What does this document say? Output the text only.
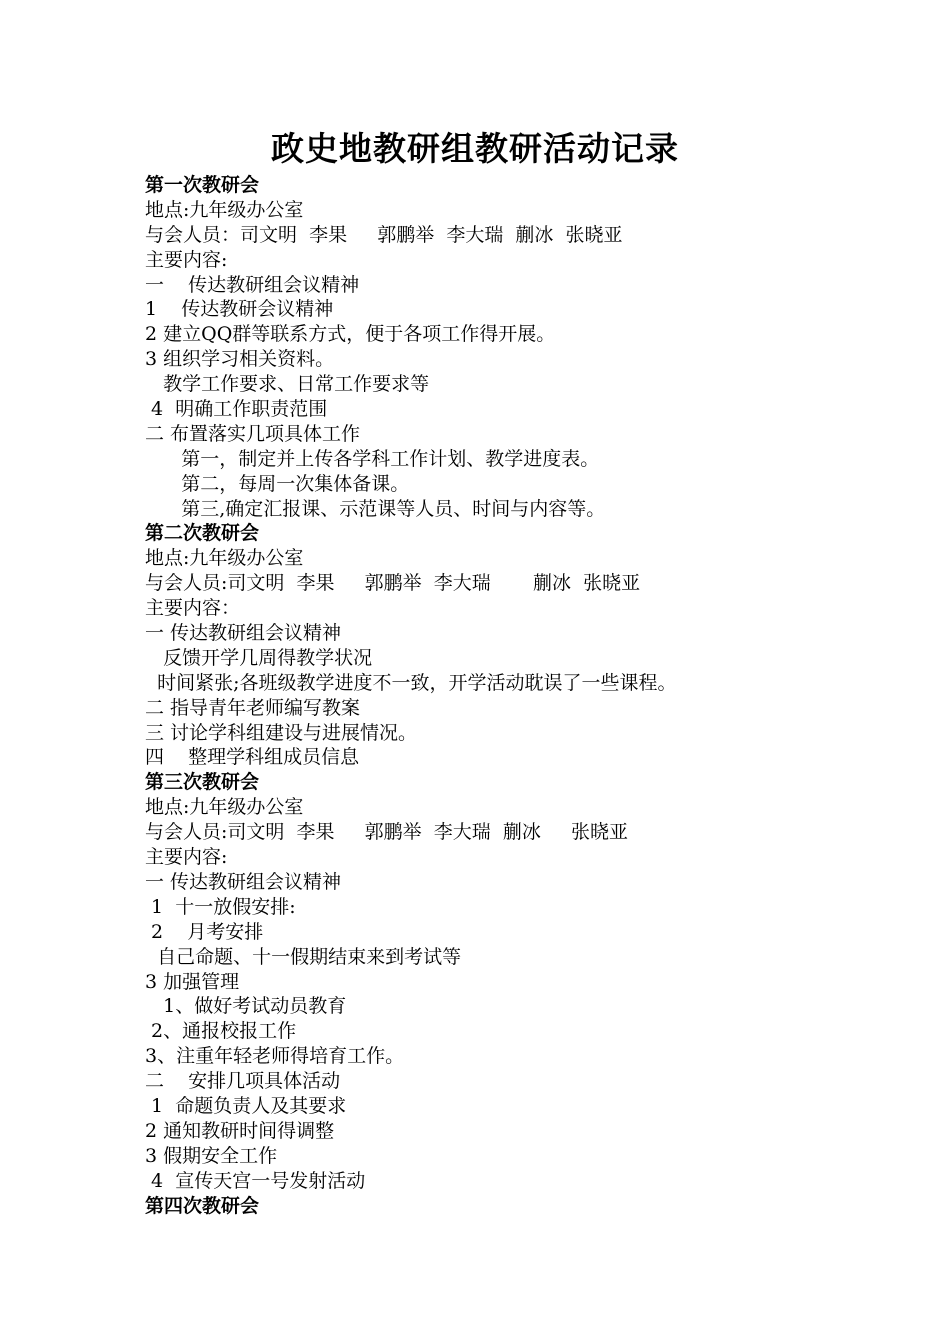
政史地教研组教研活动记录
第一次教研会
地点:九年级办公室
与会人员：司文明  李果     郭鹏举  李大瑞  蒯冰  张晓亚
主要内容:
一    传达教研组会议精神
1    传达教研会议精神
2 建立QQ群等联系方式，便于各项工作得开展。
3 组织学习相关资料。
教学工作要求、日常工作要求等
4  明确工作职责范围
二 布置落实几项具体工作
第一，制定并上传各学科工作计划、教学进度表。
第二，每周一次集体备课。
第三,确定汇报课、示范课等人员、时间与内容等。
第二次教研会
地点:九年级办公室
与会人员:司文明  李果     郭鹏举  李大瑞       蒯冰  张晓亚
主要内容：
一 传达教研组会议精神
反馈开学几周得教学状况
时间紧张;各班级教学进度不一致，开学活动耽误了一些课程。
二 指导青年老师编写教案
三 讨论学科组建设与进展情况。
四    整理学科组成员信息
第三次教研会
地点:九年级办公室
与会人员:司文明  李果     郭鹏举  李大瑞  蒯冰     张晓亚
主要内容:
一 传达教研组会议精神
1  十一放假安排:
2    月考安排
自己命题、十一假期结束来到考试等
3 加强管理
1、做好考试动员教育
2、通报校报工作
3、注重年轻老师得培育工作。
二    安排几项具体活动
1  命题负责人及其要求
2 通知教研时间得调整
3 假期安全工作
4  宣传天宫一号发射活动
第四次教研会
